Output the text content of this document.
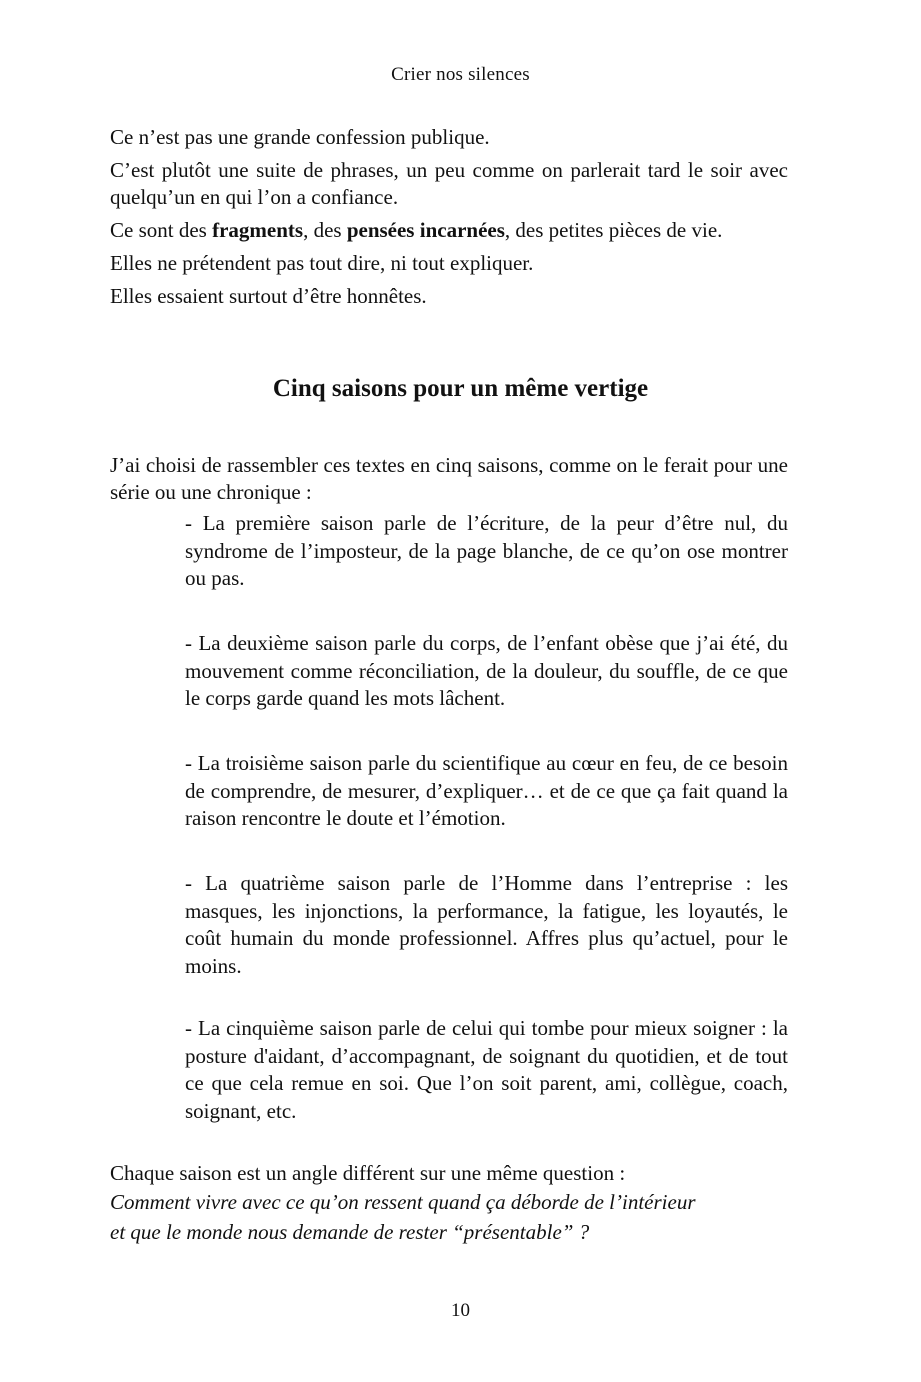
Crier nos silences

Ce n’est pas une grande confession publique.

C’est plutôt une suite de phrases, un peu comme on parlerait tard le soir avec quelqu’un en qui l’on a confiance.

Ce sont des fragments, des pensées incarnées, des petites pièces de vie.

Elles ne prétendent pas tout dire, ni tout expliquer.

Elles essaient surtout d’être honnêtes.

Cinq saisons pour un même vertige

J’ai choisi de rassembler ces textes en cinq saisons, comme on le ferait pour une série ou une chronique :

- La première saison parle de l’écriture, de la peur d’être nul, du syndrome de l’imposteur, de la page blanche, de ce qu’on ose montrer ou pas.
- La deuxième saison parle du corps, de l’enfant obèse que j’ai été, du mouvement comme réconciliation, de la douleur, du souffle, de ce que le corps garde quand les mots lâchent.
- La troisième saison parle du scientifique au cœur en feu, de ce besoin de comprendre, de mesurer, d’expliquer… et de ce que ça fait quand la raison rencontre le doute et l’émotion.
- La quatrième saison parle de l’Homme dans l’entreprise : les masques, les injonctions, la performance, la fatigue, les loyautés, le coût humain du monde professionnel. Affres plus qu’actuel, pour le moins.
- La cinquième saison parle de celui qui tombe pour mieux soigner : la posture d'aidant, d’accompagnant, de soignant du quotidien, et de tout ce que cela remue en soi. Que l’on soit parent, ami, collègue, coach, soignant, etc.

Chaque saison est un angle différent sur une même question :

Comment vivre avec ce qu’on ressent quand ça déborde de l’intérieur

et que le monde nous demande de rester “présentable” ?

10
